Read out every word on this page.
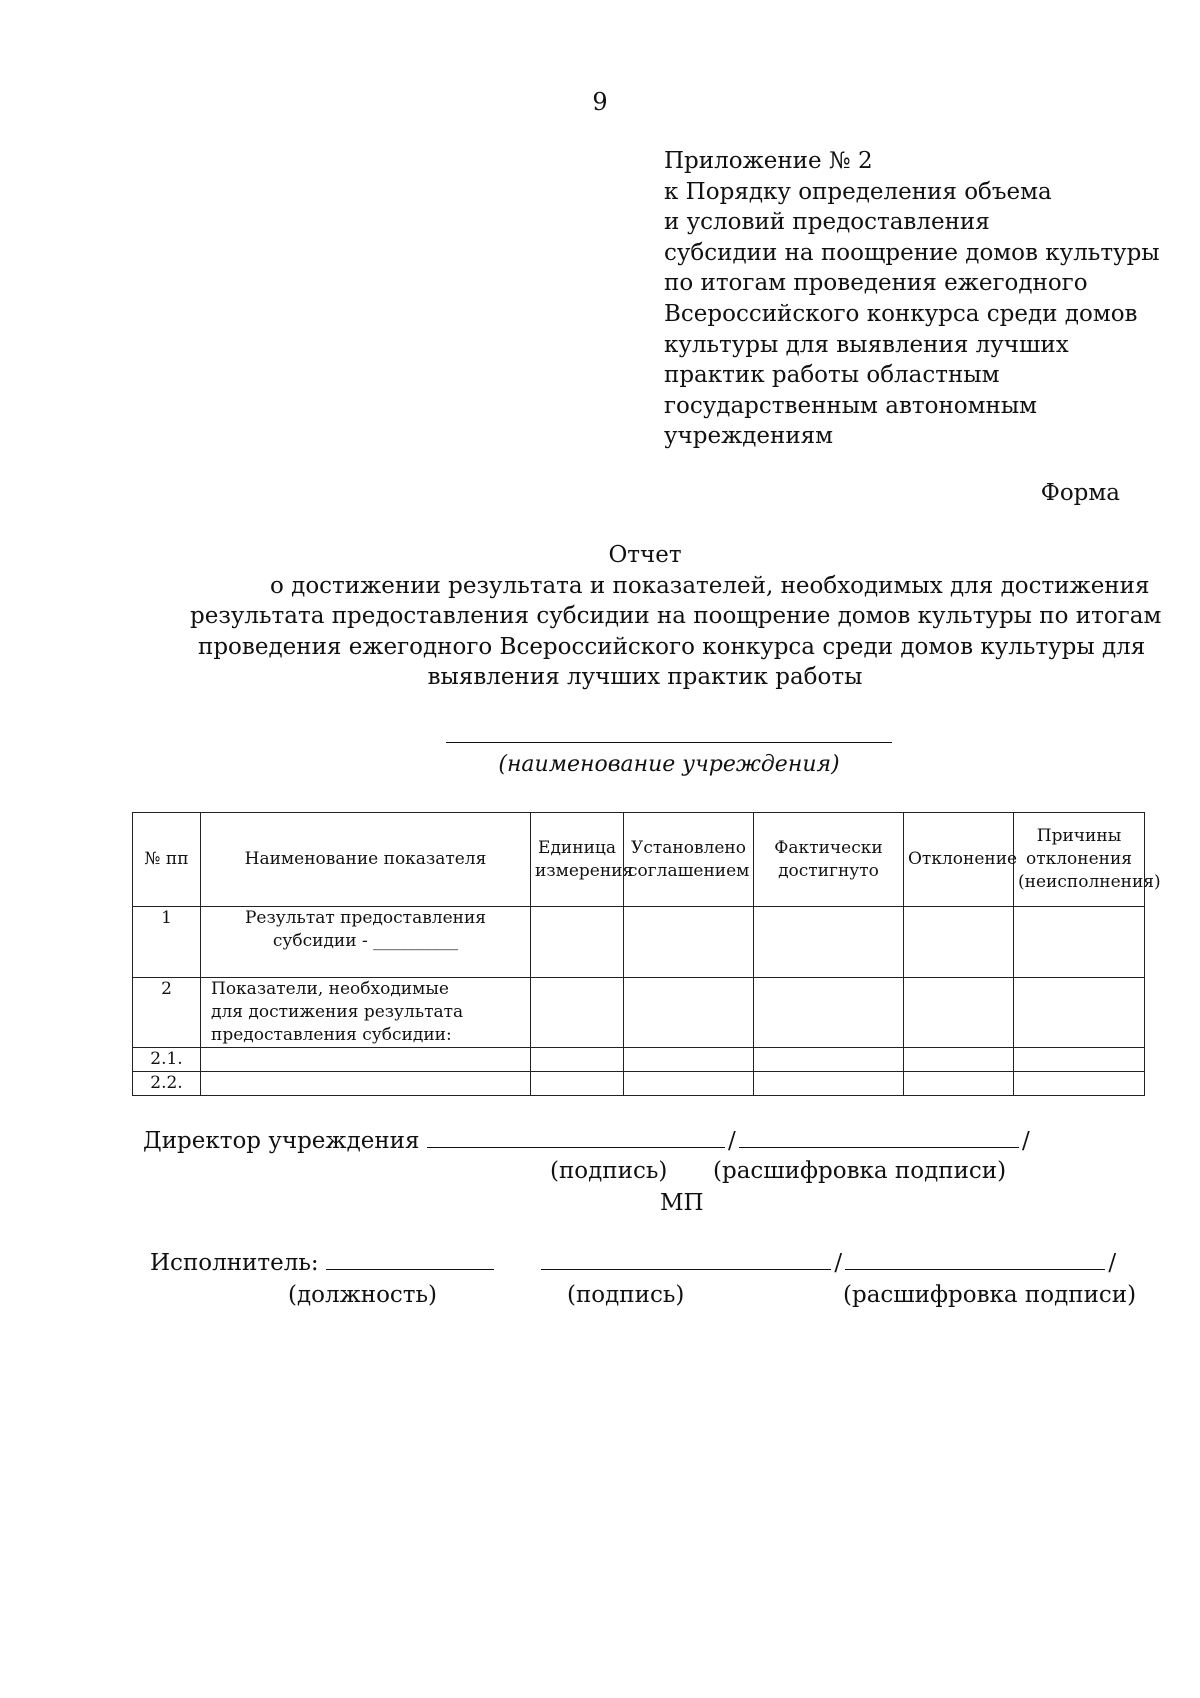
9
Приложение № 2
к Порядку определения объема
и условий предоставления
субсидии на поощрение домов культуры
по итогам проведения ежегодного
Всероссийского конкурса среди домов
культуры для выявления лучших
практик работы областным
государственным автономным
учреждениям
Форма
Отчет
о достижении результата и показателей, необходимых для достижения
результата предоставления субсидии на поощрение домов культуры по итогам
проведения ежегодного Всероссийского конкурса среди домов культуры для
выявления лучших практик работы
(наименование учреждения)
№ пп	Наименование показателя	Единица измерения	Установлено соглашением	Фактически достигнуто	Отклонение	Причины отклонения (неисполнения)
1	Результат предоставления субсидии - __________					
2	Показатели, необходимые для достижения результата предоставления субсидии:					
2.1.						
2.2.						
Директор учреждения	/	/
(подпись) (расшифровка подписи)
МП
Исполнитель:	/	/
(должность)	(подпись)	(расшифровка подписи)
